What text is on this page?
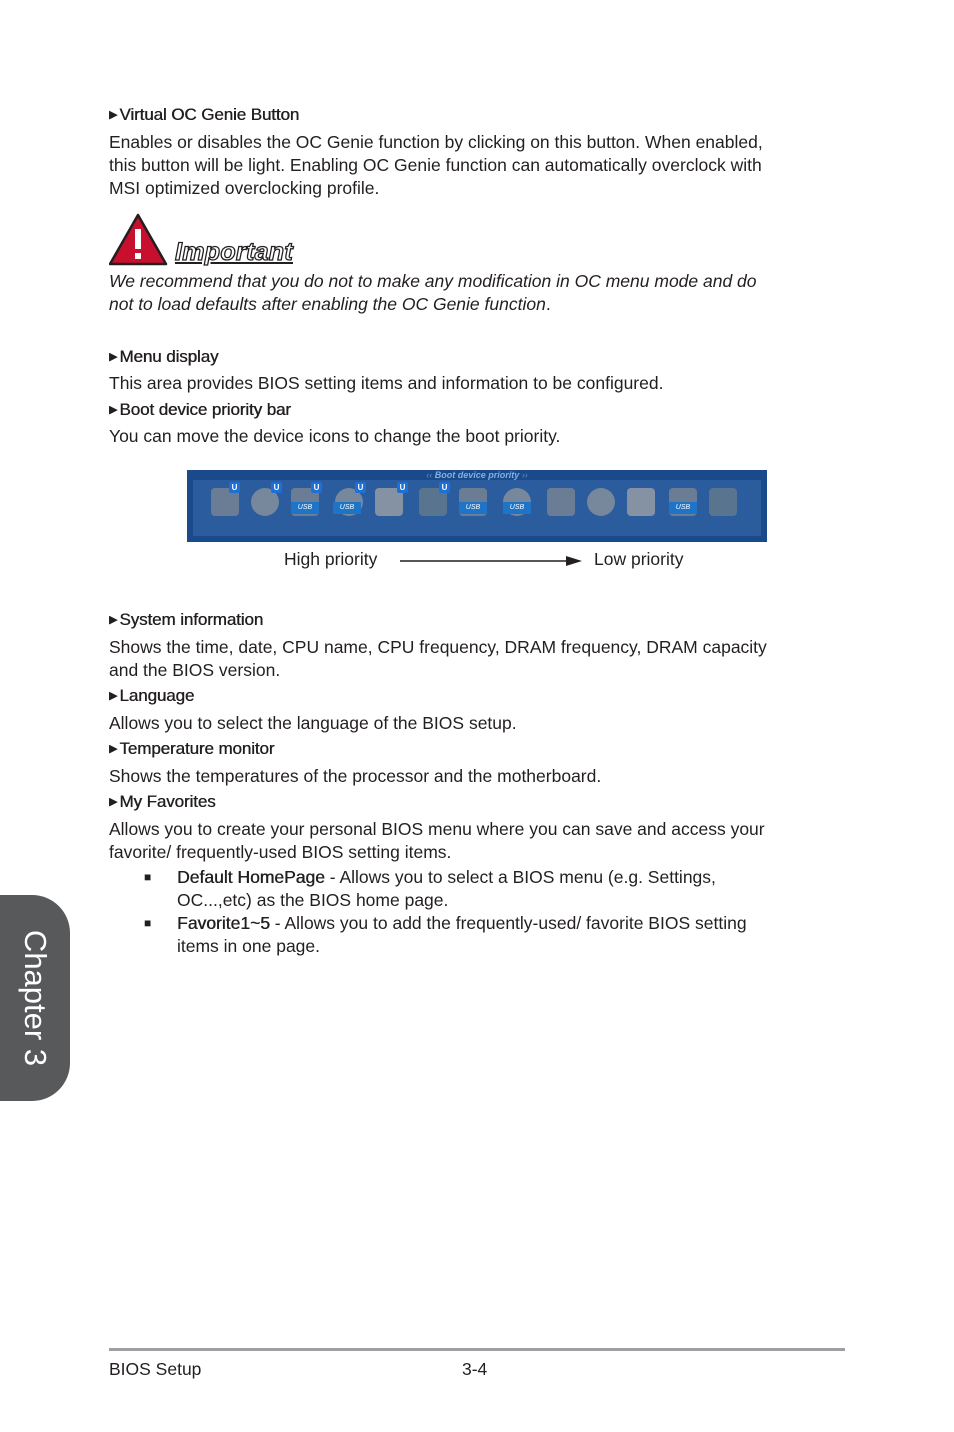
▶ Virtual OC Genie Button
Enables or disables the OC Genie function by clicking on this button. When enabled,
this button will be light. Enabling OC Genie function can automatically overclock with
MSI optimized overclocking profile.
Important
We recommend that you do not to make any modification in OC menu mode and do
not to load defaults after enabling the OC Genie function.
▶ Menu display
This area provides BIOS setting items and information to be configured.
▶ Boot device priority bar
You can move the device icons to change the boot priority.
‹‹ Boot device priority ››
U	U
USB
U
USB
U	U
USB
U
USB	USB
High priority	Low priority
▶ System information
Shows the time, date, CPU name, CPU frequency, DRAM frequency, DRAM capacity
and the BIOS version.
▶ Language
Allows you to select the language of the BIOS setup.
▶ Temperature monitor
Shows the temperatures of the processor and the motherboard.
▶ My Favorites
Allows you to create your personal BIOS menu where you can save and access your
favorite/ frequently-used BIOS setting items.
■ Default HomePage - Allows you to select a BIOS menu (e.g. Settings,
OC...,etc) as the BIOS home page.
■ Favorite1~5 - Allows you to add the frequently-used/ favorite BIOS setting
items in one page.
Chapter 3
BIOS Setup	3-4
